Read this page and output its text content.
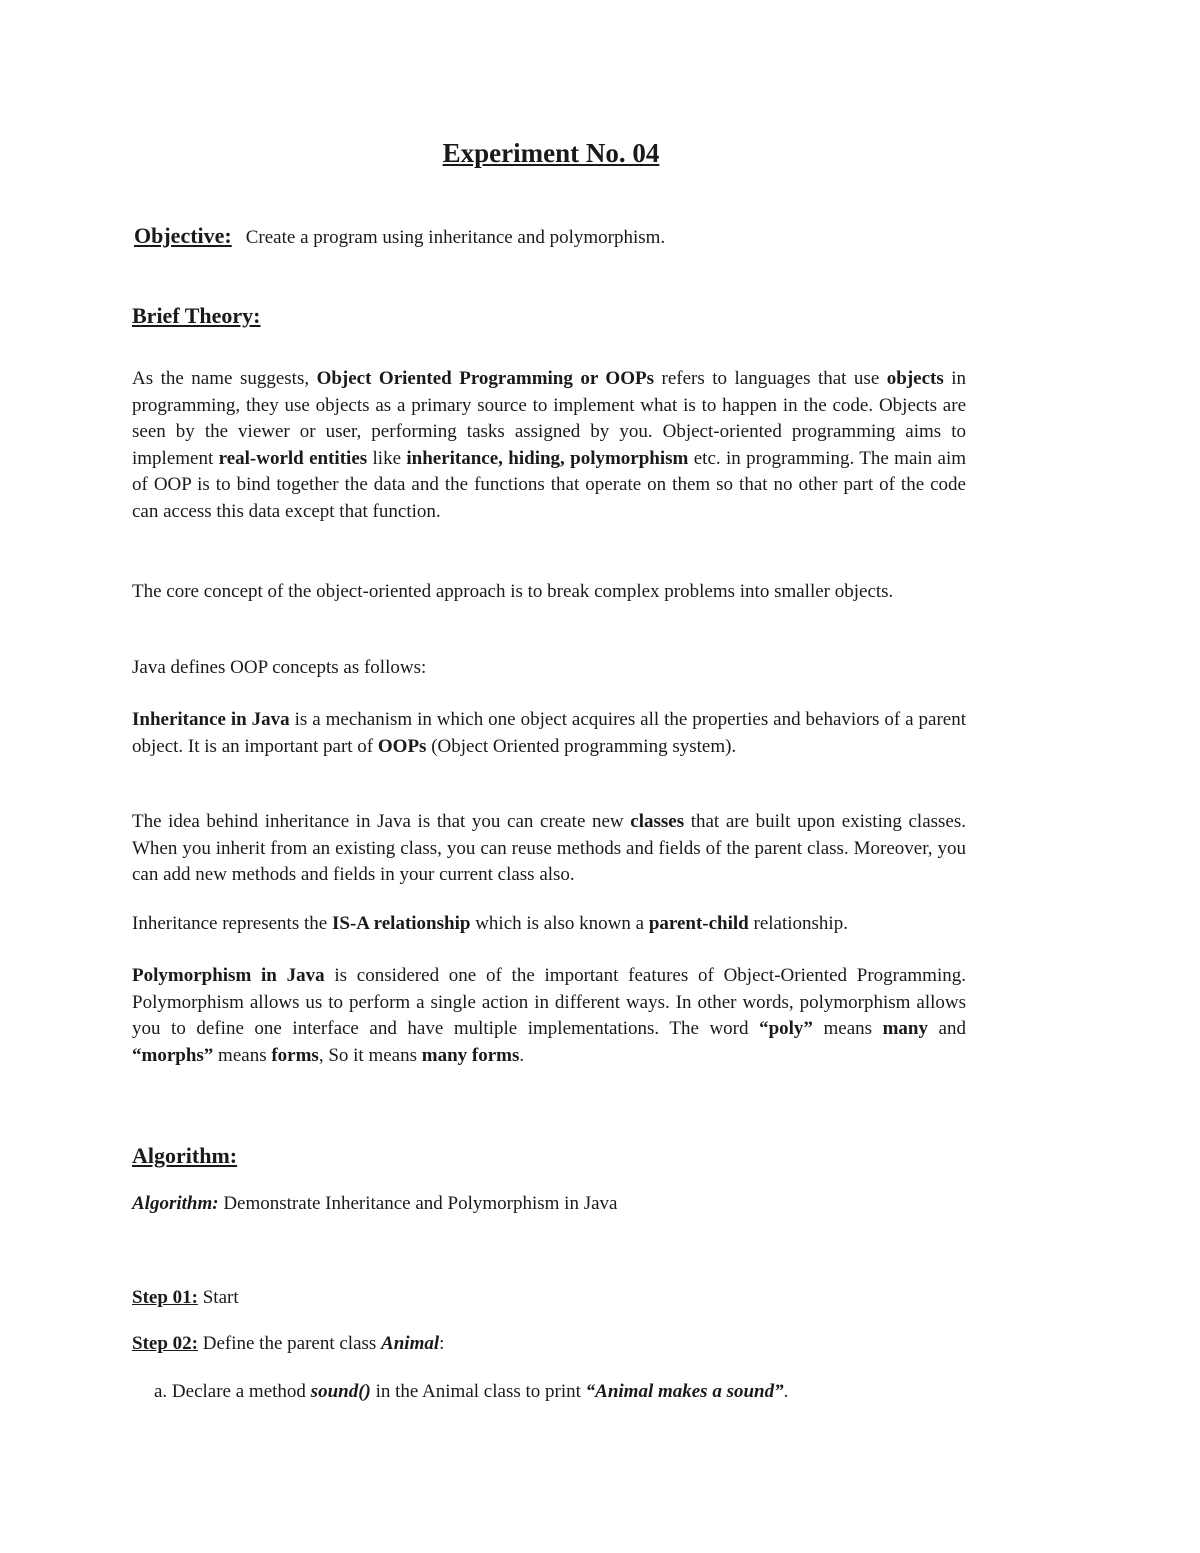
Experiment No. 04
Objective: Create a program using inheritance and polymorphism.
Brief Theory:

As the name suggests, Object Oriented Programming or OOPs refers to languages that use objects in programming, they use objects as a primary source to implement what is to happen in the code. Objects are seen by the viewer or user, performing tasks assigned by you. Object-oriented programming aims to implement real-world entities like inheritance, hiding, polymorphism etc. in programming. The main aim of OOP is to bind together the data and the functions that operate on them so that no other part of the code can access this data except that function.

The core concept of the object-oriented approach is to break complex problems into smaller objects.

Java defines OOP concepts as follows:

Inheritance in Java is a mechanism in which one object acquires all the properties and behaviors of a parent object. It is an important part of OOPs (Object Oriented programming system).

The idea behind inheritance in Java is that you can create new classes that are built upon existing classes. When you inherit from an existing class, you can reuse methods and fields of the parent class. Moreover, you can add new methods and fields in your current class also.

Inheritance represents the IS-A relationship which is also known a parent-child relationship.

Polymorphism in Java is considered one of the important features of Object-Oriented Programming. Polymorphism allows us to perform a single action in different ways. In other words, polymorphism allows you to define one interface and have multiple implementations. The word “poly” means many and “morphs” means forms, So it means many forms.

Algorithm:

Algorithm: Demonstrate Inheritance and Polymorphism in Java

Step 01: Start

Step 02: Define the parent class Animal:

a. Declare a method sound() in the Animal class to print “Animal makes a sound”.
